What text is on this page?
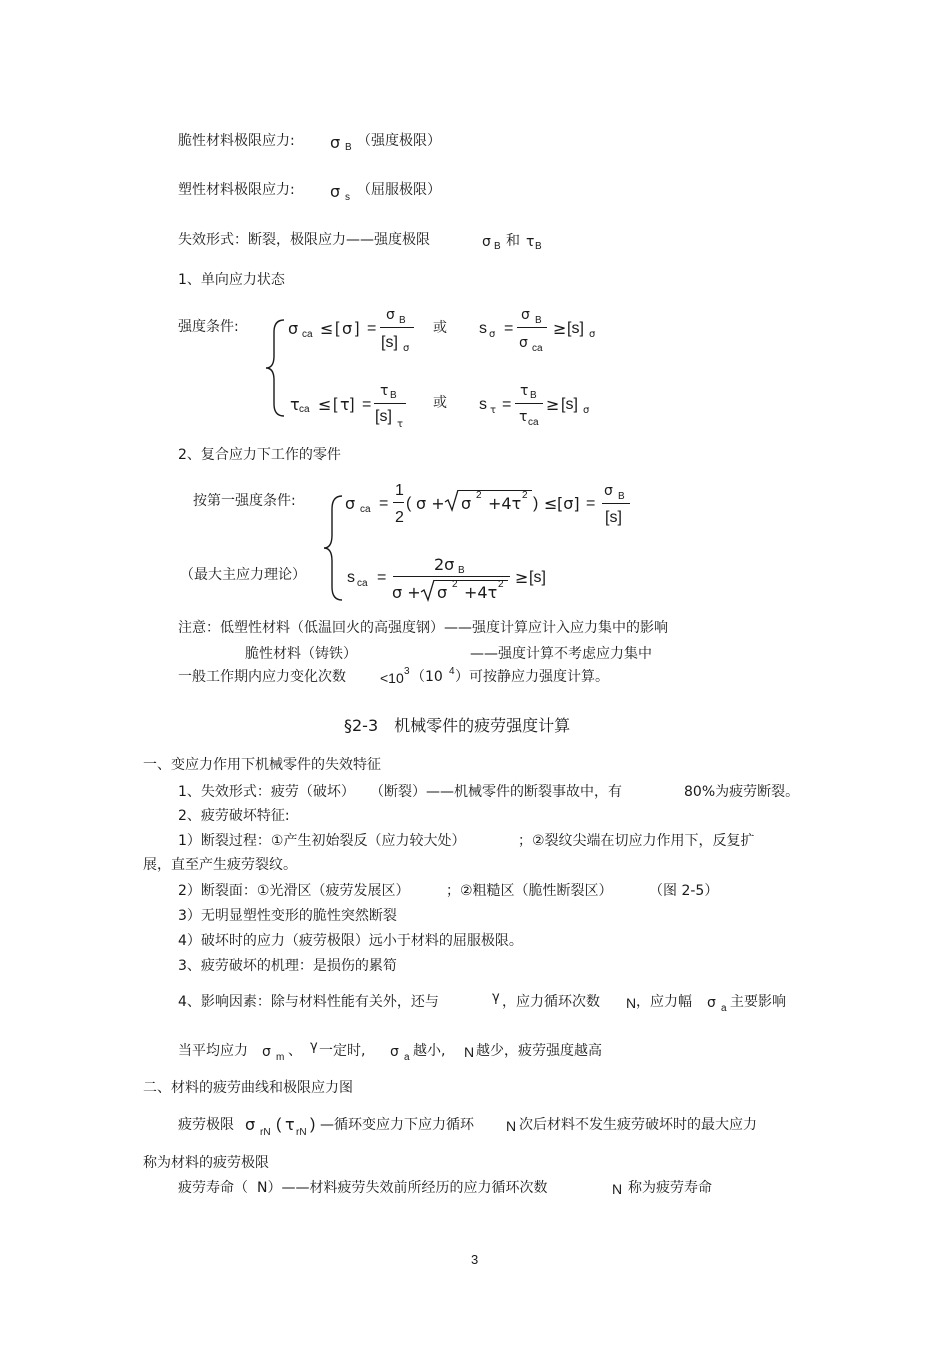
脆性材料极限应力: σ B （强度极限）
塑性材料极限应力: σ s （屈服极限）
失效形式：断裂，极限应力——强度极限	σ B 和 τ B
1、单向应力状态
强度条件:	σ ca ≤ [ σ ] =
σ B
[s] σ
或 s σ =
σ B
σ ca
≥ [s] σ
τ ca ≤ [ τ ] =
τ B
[s] τ
或 s τ =
τ B
τ ca
≥ [s] σ
2、复合应力下工作的零件
按第一强度条件:
（最大主应力理论）
σ ca =
1
2
( σ + σ 2 +4τ 2 ) ≤ [σ] =
σ B
[s]
s ca =
2σ B
σ + σ 2 +4τ 2 ≥ [s]
注意：低塑性材料（低温回火的高强度钢）——强度计算应计入应力集中的影响
脆性材料（铸铁）	——强度计算不考虑应力集中
一般工作期内应力变化次数 <10 3 （10 4 ）可按静应力强度计算。
§2-3　机械零件的疲劳强度计算
一、变应力作用下机械零件的失效特征
1、失效形式：疲劳（破坏） （断裂）——机械零件的断裂事故中，有	80%为疲劳断裂。
2、疲劳破坏特征:
1）断裂过程：①产生初始裂反（应力较大处）	；②裂纹尖端在切应力作用下，反复扩
展，直至产生疲劳裂纹。
2）断裂面：①光滑区（疲劳发展区）	；②粗糙区（脆性断裂区）	（图 2-5）
3）无明显塑性变形的脆性突然断裂
4）破坏时的应力（疲劳极限）远小于材料的屈服极限。
3、疲劳破坏的机理：是损伤的累筍
4、影响因素：除与材料性能有关外，还与	γ ，应力循环次数 N ，应力幅 σ a 主要影响
当平均应力 σ m 、 γ 一定时, σ a 越小, N 越少，疲劳强度越高
二、材料的疲劳曲线和极限应力图
疲劳极限 σ rN ( τ rN ) —循环变应力下应力循环 N 次后材料不发生疲劳破坏时的最大应力
称为材料的疲劳极限
疲劳寿命（ N）——材料疲劳失效前所经历的应力循环次数	N 称为疲劳寿命
3
